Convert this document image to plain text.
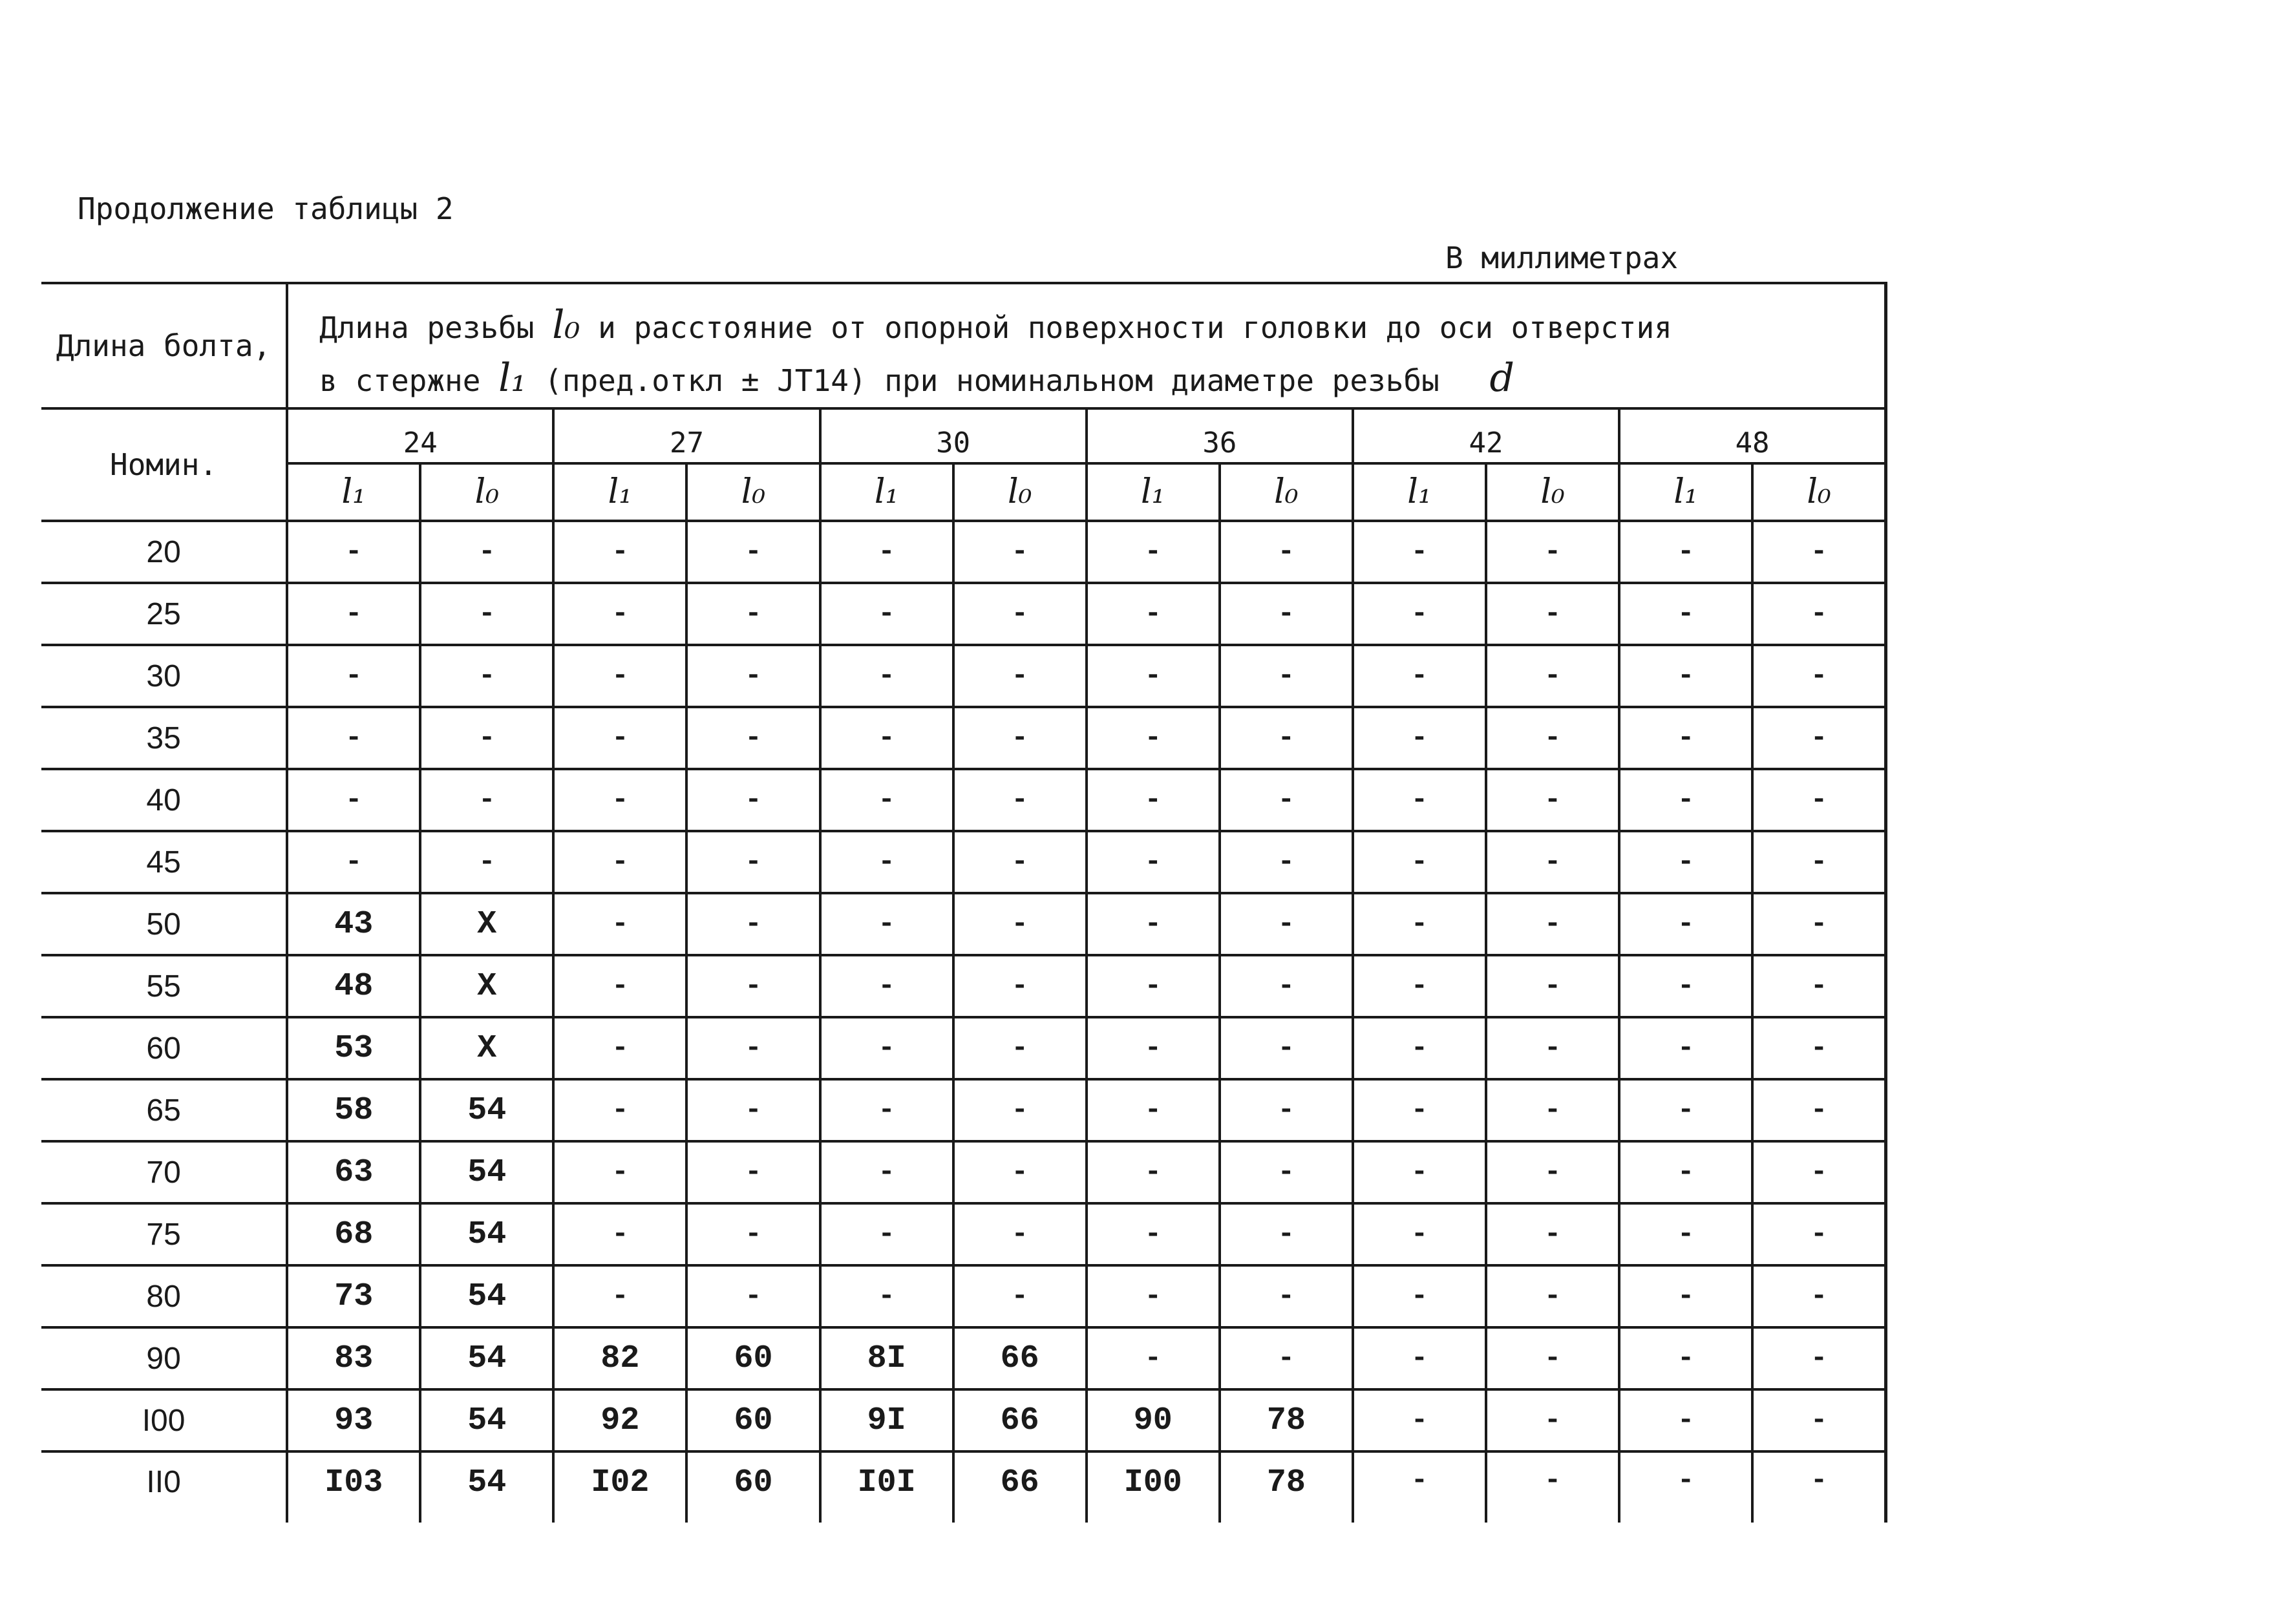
Продолжение таблицы 2
В миллиметрах
Длина болта,	Длина резьбы l₀ и расстояние от опорной поверхности головки до оси отверстия
в стержне l₁ (пред.откл ± JT14) при номинальном диаметре резьбы d											
Номин.	24		27		30		36		42		48	
	l₁	l₀	l₁	l₀	l₁	l₀	l₁	l₀	l₁	l₀	l₁	l₀
20	-	-	-	-	-	-	-	-	-	-	-	-
25	-	-	-	-	-	-	-	-	-	-	-	-
30	-	-	-	-	-	-	-	-	-	-	-	-
35	-	-	-	-	-	-	-	-	-	-	-	-
40	-	-	-	-	-	-	-	-	-	-	-	-
45	-	-	-	-	-	-	-	-	-	-	-	-
50	43	X	-	-	-	-	-	-	-	-	-	-
55	48	X	-	-	-	-	-	-	-	-	-	-
60	53	X	-	-	-	-	-	-	-	-	-	-
65	58	54	-	-	-	-	-	-	-	-	-	-
70	63	54	-	-	-	-	-	-	-	-	-	-
75	68	54	-	-	-	-	-	-	-	-	-	-
80	73	54	-	-	-	-	-	-	-	-	-	-
90	83	54	82	60	8I	66	-	-	-	-	-	-
I00	93	54	92	60	9I	66	90	78	-	-	-	-
II0	I03	54	I02	60	I0I	66	I00	78	-	-	-	-
